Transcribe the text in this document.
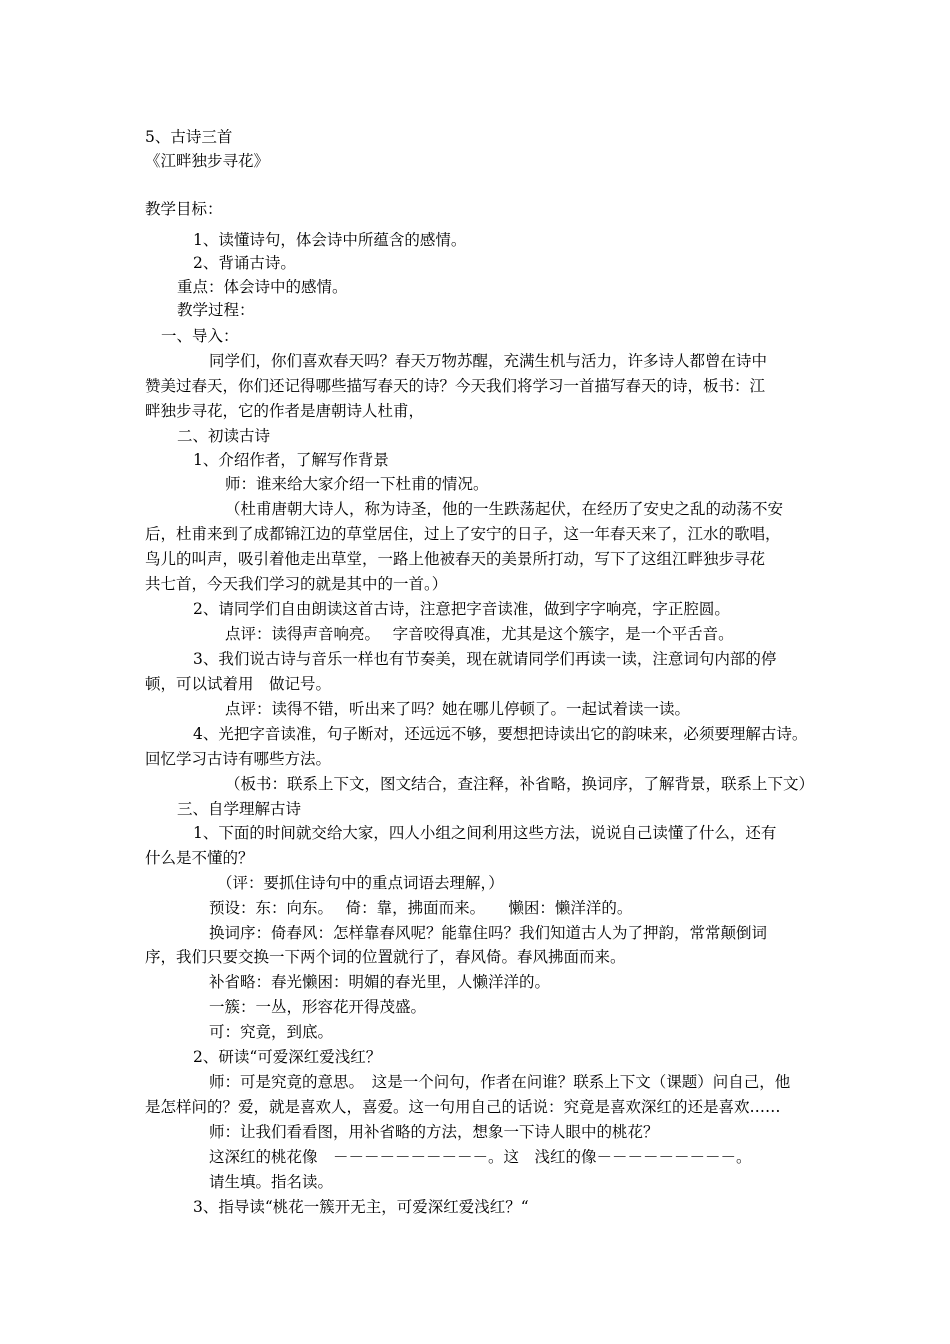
5、古诗三首
《江畔独步寻花》
教学目标：
1、读懂诗句，体会诗中所蕴含的感情。
2、背诵古诗。
重点：体会诗中的感情。
教学过程：
一、导入：
同学们，你们喜欢春天吗？春天万物苏醒，充满生机与活力，许多诗人都曾在诗中
赞美过春天，你们还记得哪些描写春天的诗？今天我们将学习一首描写春天的诗，板书：江
畔独步寻花，它的作者是唐朝诗人杜甫，
二、初读古诗
1、介绍作者，了解写作背景
师：谁来给大家介绍一下杜甫的情况。
（杜甫唐朝大诗人，称为诗圣，他的一生跌荡起伏，在经历了安史之乱的动荡不安
后，杜甫来到了成都锦江边的草堂居住，过上了安宁的日子，这一年春天来了，江水的歌唱，
鸟儿的叫声，吸引着他走出草堂，一路上他被春天的美景所打动，写下了这组江畔独步寻花
共七首，今天我们学习的就是其中的一首。）
2、请同学们自由朗读这首古诗，注意把字音读准，做到字字响亮，字正腔圆。
点评：读得声音响亮。　 字音咬得真准，尤其是这个簇字，是一个平舌音。
3、我们说古诗与音乐一样也有节奏美，现在就请同学们再读一读，注意词句内部的停
顿，可以试着用　做记号。
点评：读得不错，听出来了吗？她在哪儿停顿了。一起试着读一读。
4、光把字音读准，句子断对，还远远不够，要想把诗读出它的韵味来，必须要理解古诗。
回忆学习古诗有哪些方法。
（板书：联系上下文，图文结合，查注释，补省略，换词序，了解背景，联系上下文）
三、自学理解古诗
1、下面的时间就交给大家，四人小组之间利用这些方法，说说自己读懂了什么，还有
什么是不懂的？
（评：要抓住诗句中的重点词语去理解，）
预设：东：向东。　 倚：靠，拂面而来。　　懒困：懒洋洋的。
换词序：倚春风：怎样靠春风呢？能靠住吗？我们知道古人为了押韵，常常颠倒词
序，我们只要交换一下两个词的位置就行了，春风倚。春风拂面而来。
补省略：春光懒困：明媚的春光里，人懒洋洋的。
一簇：一丛，形容花开得茂盛。
可：究竟，到底。
2、研读“可爱深红爱浅红？
师：可是究竟的意思。　这是一个问句，作者在问谁？联系上下文（课题）问自己，他
是怎样问的？爱，就是喜欢人，喜爱。这一句用自己的话说：究竟是喜欢深红的还是喜欢……
师：让我们看看图，用补省略的方法，想象一下诗人眼中的桃花？
这深红的桃花像　－－－－－－－－－－。这　浅红的像－－－－－－－－－。
请生填。指名读。
3、指导读“桃花一簇开无主，可爱深红爱浅红？“
